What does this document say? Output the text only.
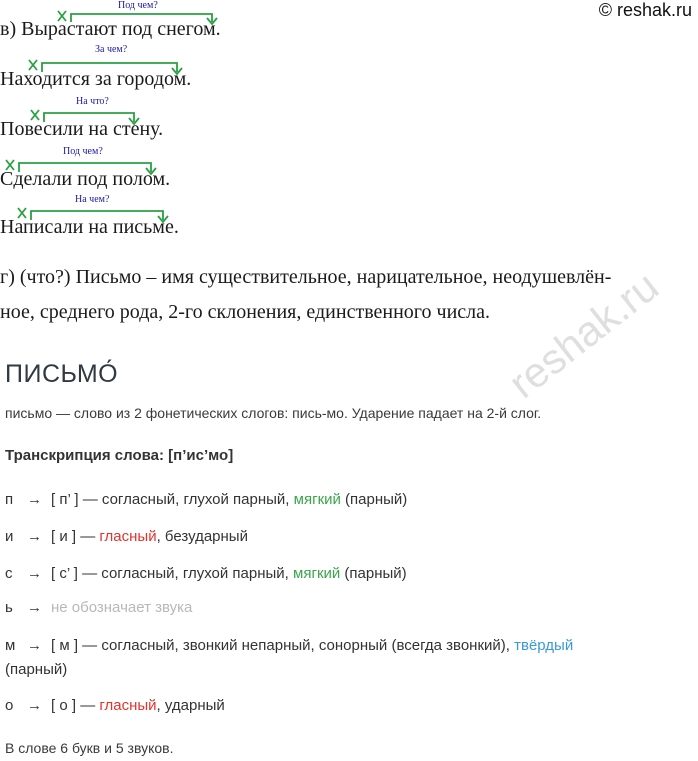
© reshak.ru
reshak.ru
Под чем?
в) Вырастают под снегом.
За чем?
Находится за городом.
На что?
Повесили на стену.
Под чем?
Сделали под полом.
На чем?
Написали на письме.
г) (что?) Письмо – имя существительное, нарицательное, неодушевлён-
ное, среднего рода, 2-го склонения, единственного числа.
ПИСЬМО́
письмо — слово из 2 фонетических слогов: пись-мо. Ударение падает на 2-й слог.
Транскрипция слова: [п’ис’мо]
п → [ п’ ] — согласный, глухой парный, мягкий (парный)
и → [ и ] — гласный, безударный
с → [ с’ ] — согласный, глухой парный, мягкий (парный)
ь → не обозначает звука
м → [ м ] — согласный, звонкий непарный, сонорный (всегда звонкий), твёрдый
(парный)
о → [ о ] — гласный, ударный
В слове 6 букв и 5 звуков.
